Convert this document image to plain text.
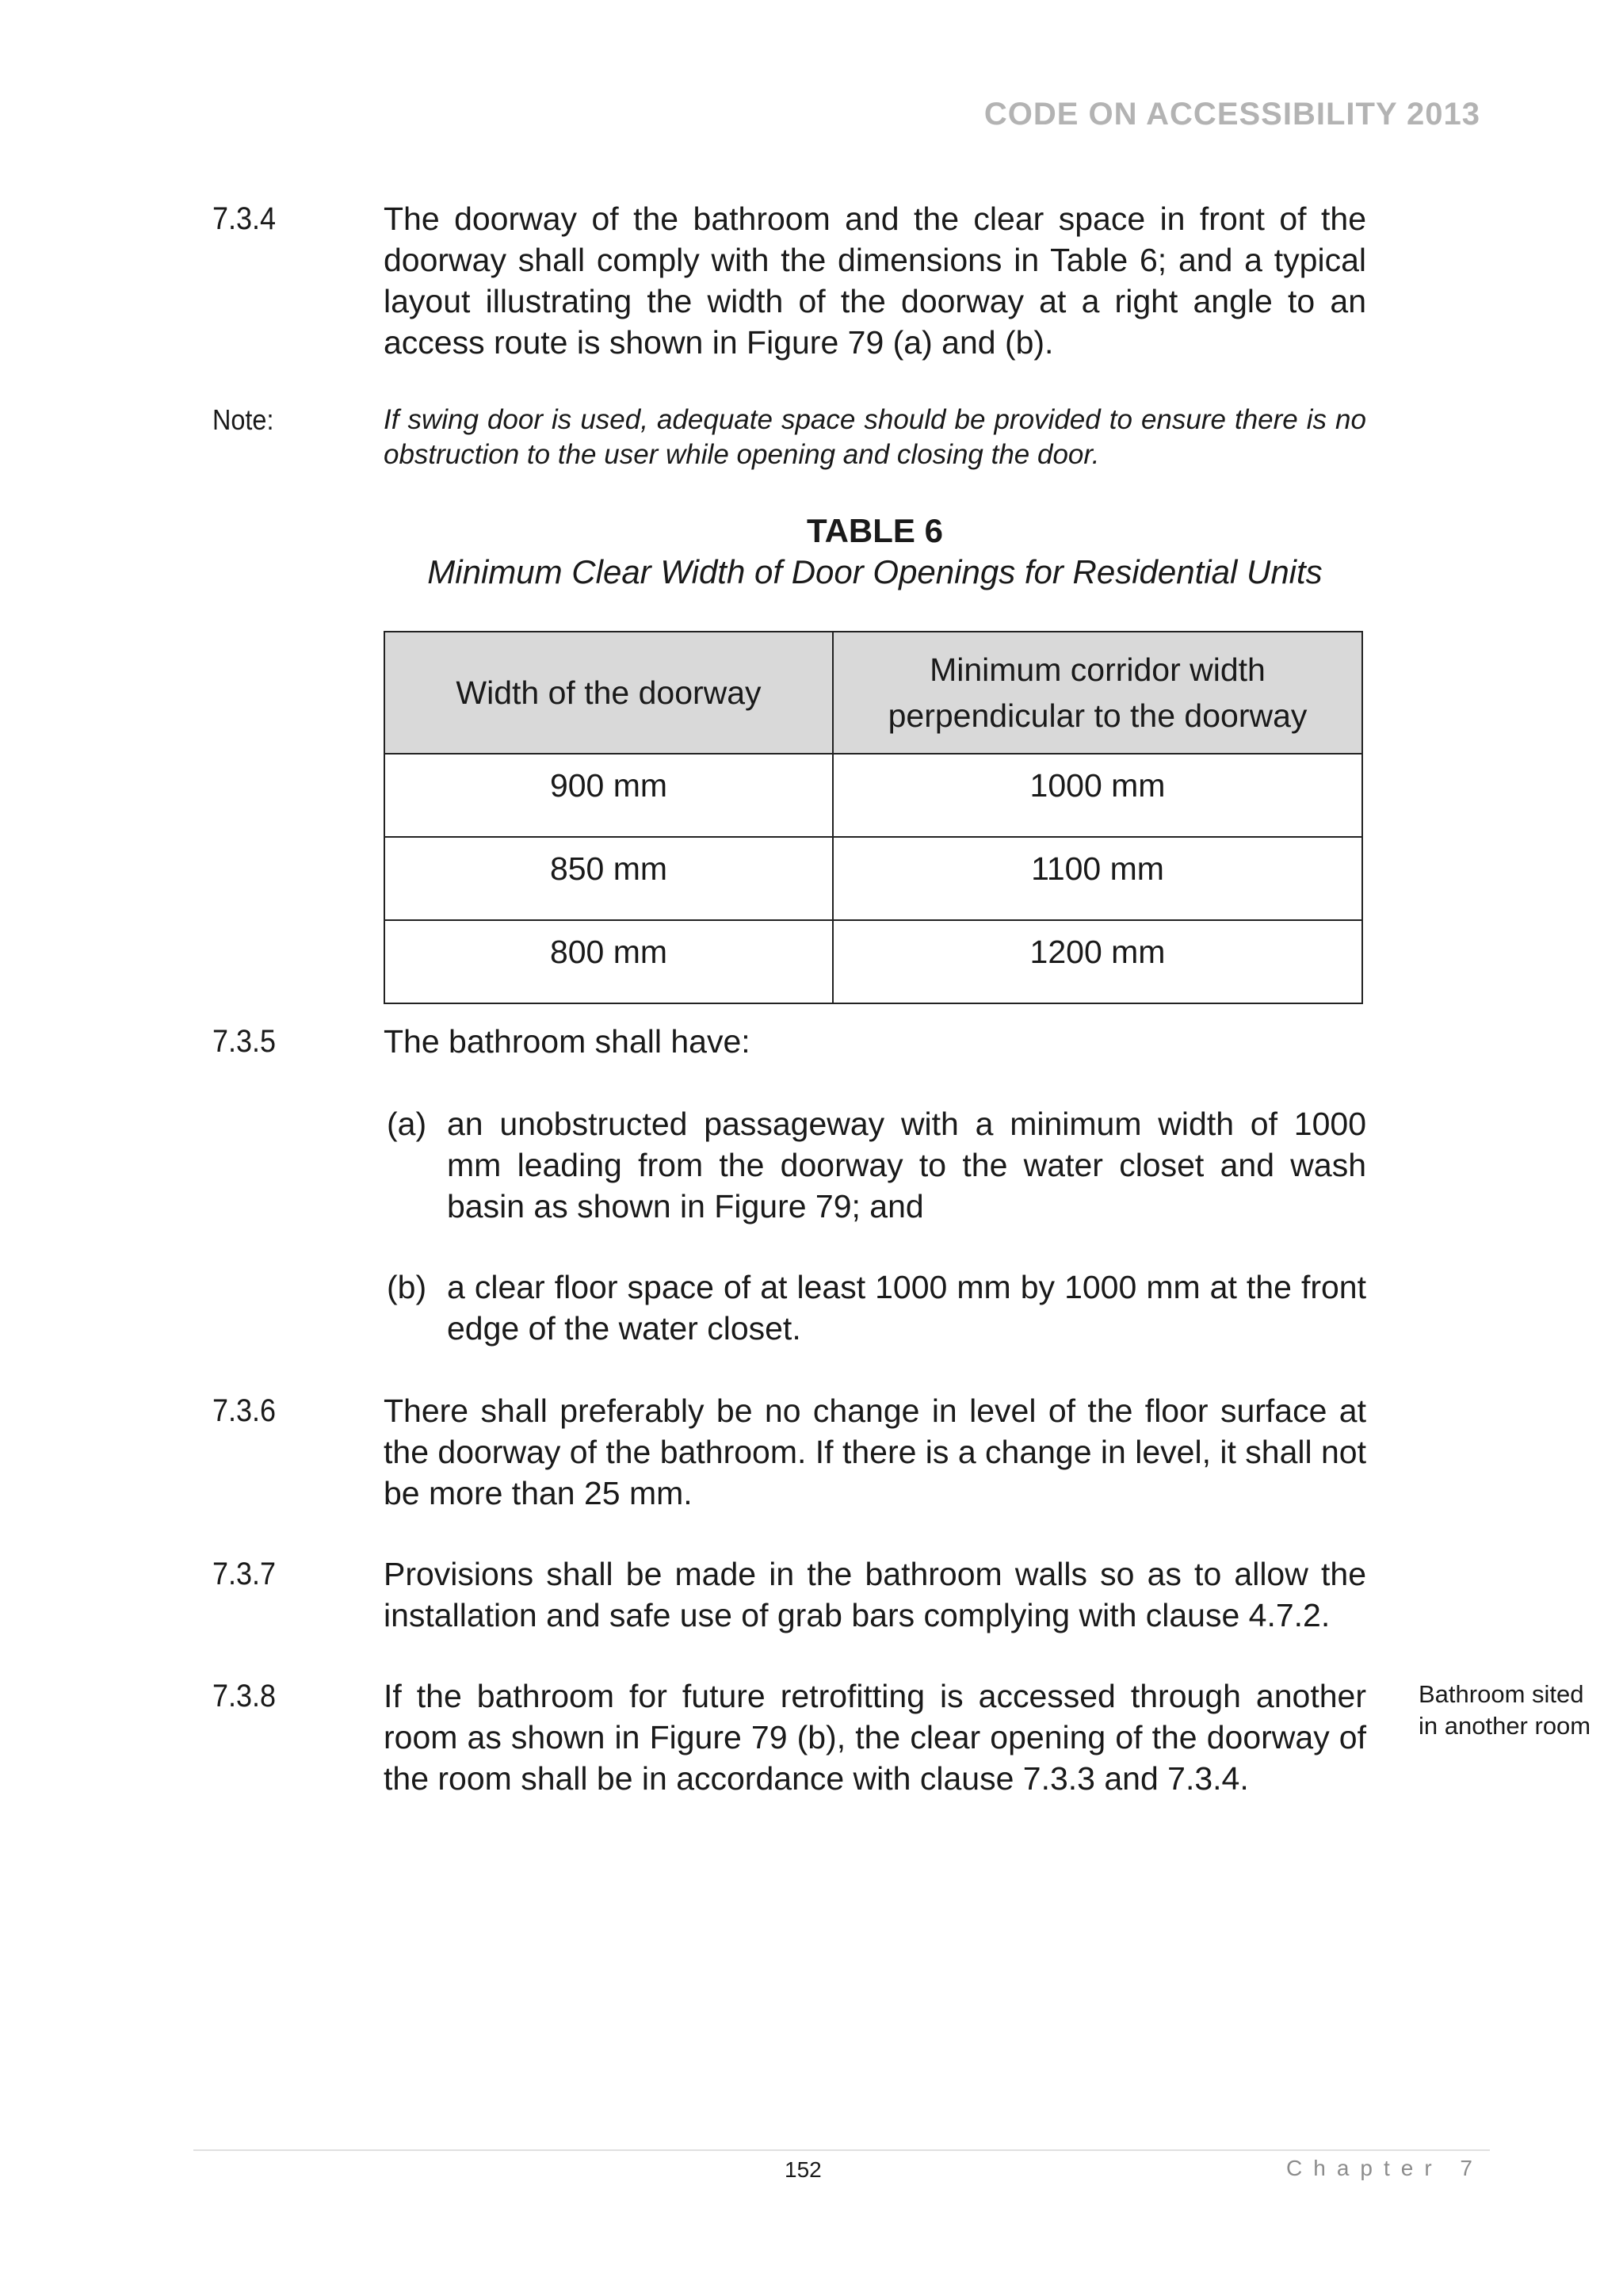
CODE ON ACCESSIBILITY 2013
7.3.4	The doorway of the bathroom and the clear space in front of the doorway shall comply with the dimensions in Table 6; and a typical layout illustrating the width of the doorway at a right angle to an access route is shown in Figure 79 (a) and (b).
Note:	If swing door is used, adequate space should be provided to ensure there is no obstruction to the user while opening and closing the door.
TABLE 6
Minimum Clear Width of Door Openings for Residential Units
Width of the doorway	Minimum corridor width perpendicular to the doorway
900 mm	1000 mm
850 mm	1100 mm
800 mm	1200 mm
7.3.5	The bathroom shall have:
(a) an unobstructed passageway with a minimum width of 1000 mm leading from the doorway to the water closet and wash basin as shown in Figure 79; and
(b) a clear floor space of at least 1000 mm by 1000 mm at the front edge of the water closet.
7.3.6	There shall preferably be no change in level of the floor surface at the doorway of the bathroom. If there is a change in level, it shall not be more than 25 mm.
7.3.7	Provisions shall be made in the bathroom walls so as to allow the installation and safe use of grab bars complying with clause 4.7.2.
7.3.8	If the bathroom for future retrofitting is accessed through another room as shown in Figure 79 (b), the clear opening of the doorway of the room shall be in accordance with clause 7.3.3 and 7.3.4.
Bathroom sited in another room
152	Chapter 7
